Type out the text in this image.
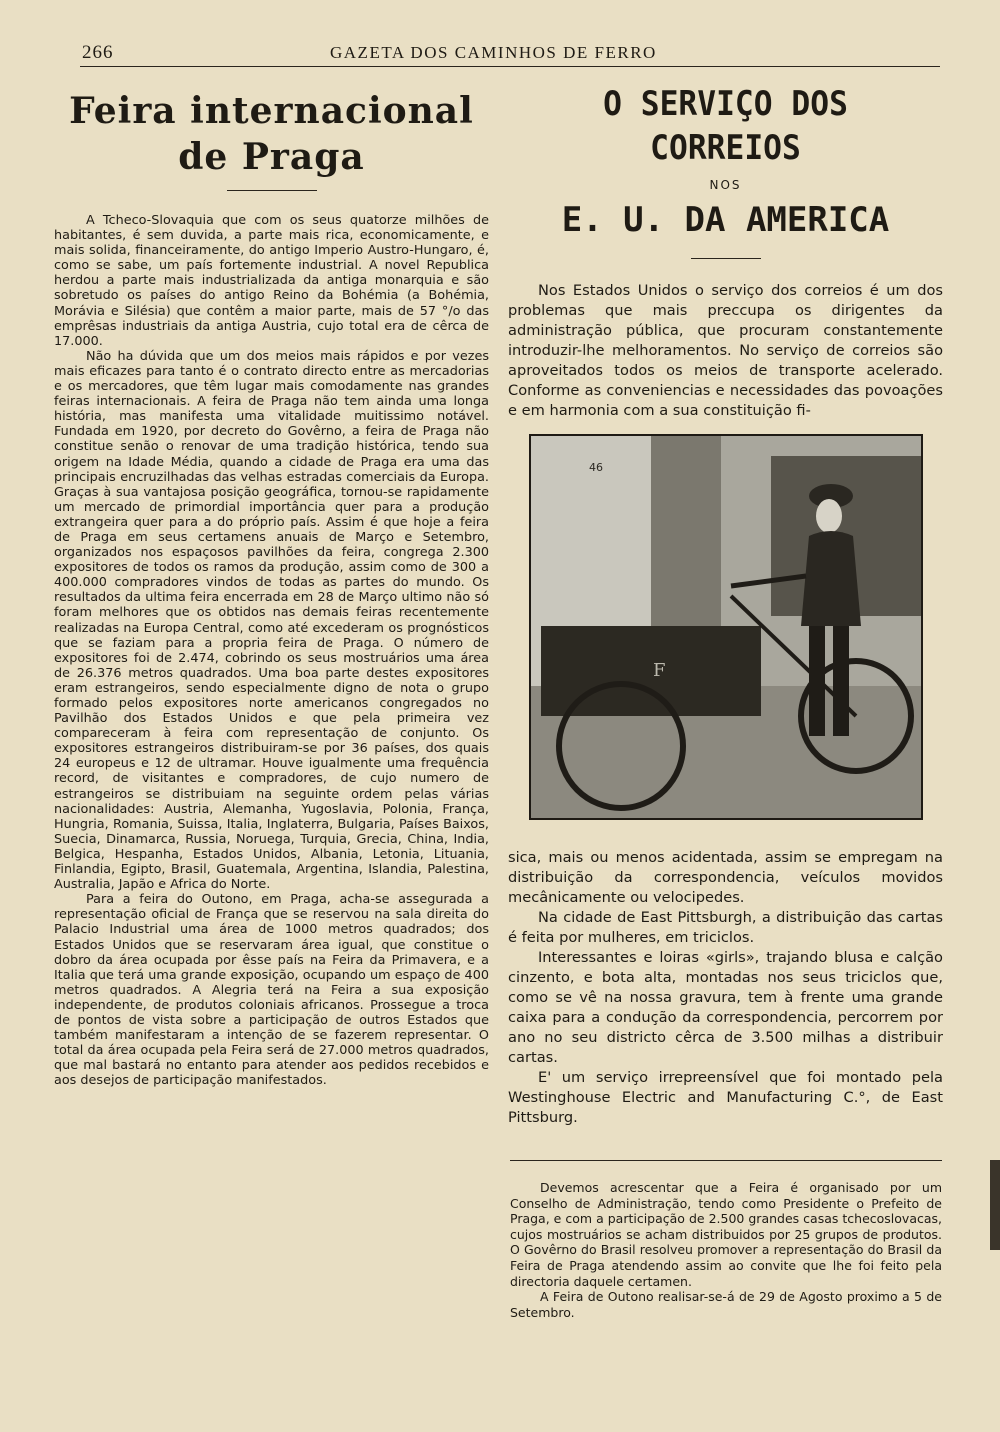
266	GAZETA DOS CAMINHOS DE FERRO
Feira internacional
de Praga

A Tcheco-Slovaquia que com os seus quatorze milhões de habitantes, é sem duvida, a parte mais rica, economicamente, e mais solida, financeiramente, do antigo Imperio Austro-Hungaro, é, como se sabe, um país fortemente industrial. A novel Republica herdou a parte mais industrializada da antiga monarquia e são sobretudo os países do antigo Reino da Bohémia (a Bohémia, Morávia e Silésia) que contêm a maior parte, mais de 57 °/o das emprêsas industriais da antiga Austria, cujo total era de cêrca de 17.000.

Não ha dúvida que um dos meios mais rápidos e por vezes mais eficazes para tanto é o contrato directo entre as mercadorias e os mercadores, que têm lugar mais comodamente nas grandes feiras internacionais. A feira de Praga não tem ainda uma longa história, mas manifesta uma vitalidade muitissimo notável. Fundada em 1920, por decreto do Govêrno, a feira de Praga não constitue senão o renovar de uma tradição histórica, tendo sua origem na Idade Média, quando a cidade de Praga era uma das principais encruzilhadas das velhas estradas comerciais da Europa. Graças à sua vantajosa posição geográfica, tornou-se rapidamente um mercado de primordial importância quer para a produção extrangeira quer para a do próprio país. Assim é que hoje a feira de Praga em seus certamens anuais de Março e Setembro, organizados nos espaçosos pavilhões da feira, congrega 2.300 expositores de todos os ramos da produção, assim como de 300 a 400.000 compradores vindos de todas as partes do mundo. Os resultados da ultima feira encerrada em 28 de Março ultimo não só foram melhores que os obtidos nas demais feiras recentemente realizadas na Europa Central, como até excederam os prognósticos que se faziam para a propria feira de Praga. O número de expositores foi de 2.474, cobrindo os seus mostruários uma área de 26.376 metros quadrados. Uma boa parte destes expositores eram estrangeiros, sendo especialmente digno de nota o grupo formado pelos expositores norte americanos congregados no Pavilhão dos Estados Unidos e que pela primeira vez compareceram à feira com representação de conjunto. Os expositores estrangeiros distribuiram-se por 36 países, dos quais 24 europeus e 12 de ultramar. Houve igualmente uma frequência record, de visitantes e compradores, de cujo numero de estrangeiros se distribuiam na seguinte ordem pelas várias nacionalidades: Austria, Alemanha, Yugoslavia, Polonia, França, Hungria, Romania, Suissa, Italia, Inglaterra, Bulgaria, Países Baixos, Suecia, Dinamarca, Russia, Noruega, Turquia, Grecia, China, India, Belgica, Hespanha, Estados Unidos, Albania, Letonia, Lituania, Finlandia, Egipto, Brasil, Guatemala, Argentina, Islandia, Palestina, Australia, Japão e Africa do Norte.

Para a feira do Outono, em Praga, acha-se assegurada a representação oficial de França que se reservou na sala direita do Palacio Industrial uma área de 1000 metros quadrados; dos Estados Unidos que se reservaram área igual, que constitue o dobro da área ocupada por êsse país na Feira da Primavera, e a Italia que terá uma grande exposição, ocupando um espaço de 400 metros quadrados. A Alegria terá na Feira a sua exposição independente, de produtos coloniais africanos. Prossegue a troca de pontos de vista sobre a participação de outros Estados que também manifestaram a intenção de se fazerem representar. O total da área ocupada pela Feira será de 27.000 metros quadrados, que mal bastará no entanto para atender aos pedidos recebidos e aos desejos de participação manifestados.

O SERVIÇO DOS CORREIOS
NOS
E. U. DA AMERICA

Nos Estados Unidos o serviço dos correios é um dos problemas que mais preccupa os dirigentes da administração pública, que procuram constantemente introduzir-lhe melhoramentos. No serviço de correios são aproveitados todos os meios de transporte acelerado. Conforme as conveniencias e necessidades das povoações e em harmonia com a sua constituição fi-

46
F

sica, mais ou menos acidentada, assim se empregam na distribuição da correspondencia, veículos movidos mecânicamente ou velocipedes.

Na cidade de East Pittsburgh, a distribuição das cartas é feita por mulheres, em triciclos.

Interessantes e loiras «girls», trajando blusa e calção cinzento, e bota alta, montadas nos seus triciclos que, como se vê na nossa gravura, tem à frente uma grande caixa para a condução da correspondencia, percorrem por ano no seu districto cêrca de 3.500 milhas a distribuir cartas.

E' um serviço irrepreensível que foi montado pela Westinghouse Electric and Manufacturing C.°, de East Pittsburg.

Devemos acrescentar que a Feira é organisado por um Conselho de Administração, tendo como Presidente o Prefeito de Praga, e com a participação de 2.500 grandes casas tchecoslovacas, cujos mostruários se acham distribuidos por 25 grupos de produtos. O Govêrno do Brasil resolveu promover a representação do Brasil da Feira de Praga atendendo assim ao convite que lhe foi feito pela directoria daquele certamen.

A Feira de Outono realisar-se-á de 29 de Agosto proximo a 5 de Setembro.
